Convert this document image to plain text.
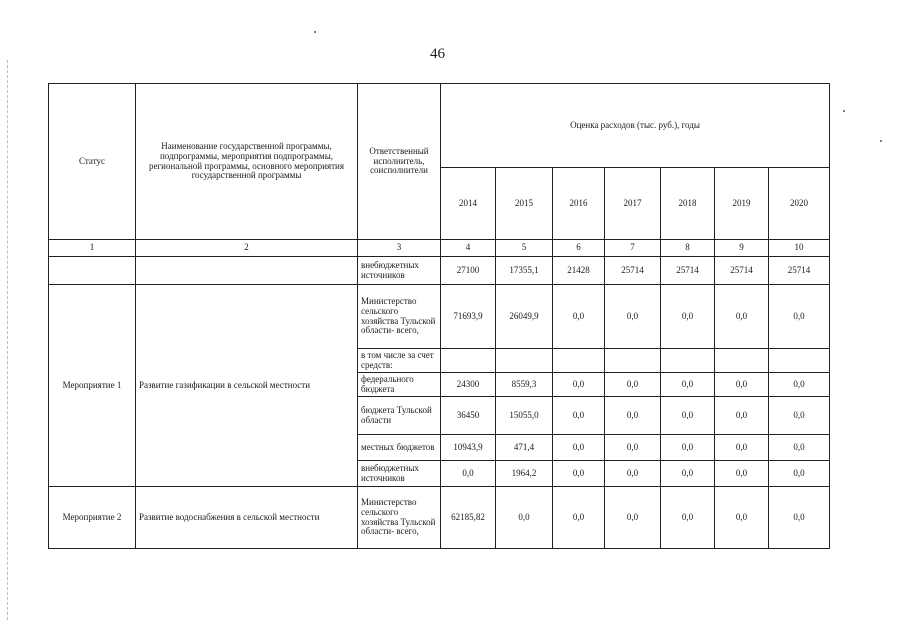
46
Статус	Наименование государственной программы, подпрограммы, мероприятия подпрограммы, региональной программы, основного мероприятия государственной программы	Ответственный исполнитель, соисполнители	Оценка расходов (тыс. руб.), годы						
			2014	2015	2016	2017	2018	2019	2020
1	2	3	4	5	6	7	8	9	10
		внебюджетных источников	27100	17355,1	21428	25714	25714	25714	25714
Мероприятие 1	Развитие газификации в сельской местности	Министерство сельского хозяйства Тульской области- всего,	71693,9	26049,9	0,0	0,0	0,0	0,0	0,0
		в том числе за счет средств:							
		федерального бюджета	24300	8559,3	0,0	0,0	0,0	0,0	0,0
		бюджета Тульской области	36450	15055,0	0,0	0,0	0,0	0,0	0,0
		местных бюджетов	10943,9	471,4	0,0	0,0	0,0	0,0	0,0
		внебюджетных источников	0,0	1964,2	0,0	0,0	0,0	0,0	0,0
Мероприятие 2	Развитие водоснабжения в сельской местности	Министерство сельского хозяйства Тульской области- всего,	62185,82	0,0	0,0	0,0	0,0	0,0	0,0
